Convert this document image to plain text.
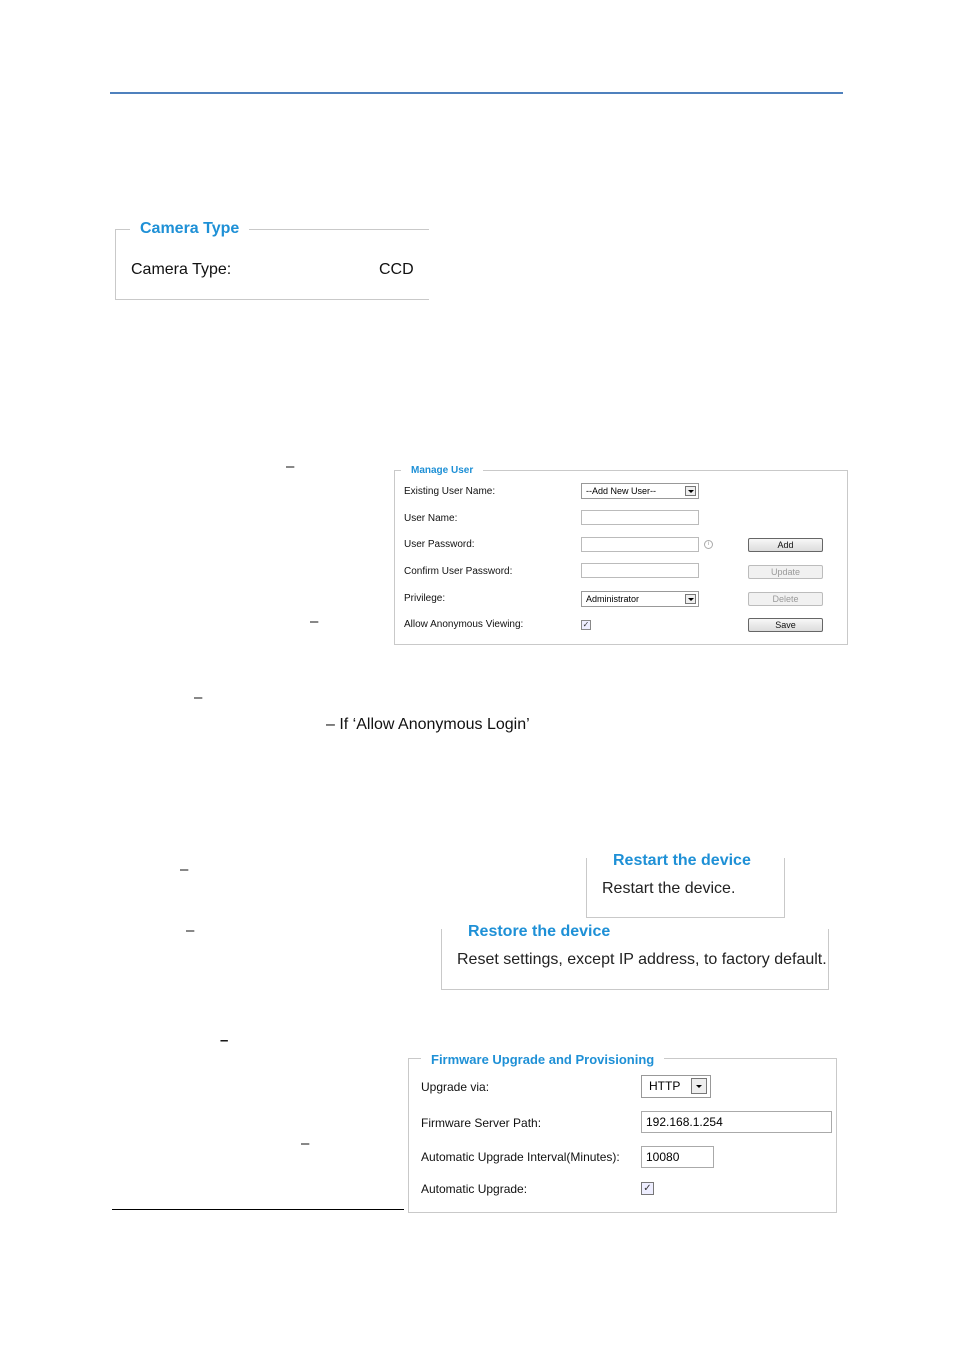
Camera Type
Camera Type:	CCD
–
–
–
– If ‘Allow Anonymous Login’
–
–
–
–
Manage User
Existing User Name:	--Add New User--
User Name:
User Password:	i	Add
Confirm User Password:	Update
Privilege:	Administrator	Delete
Allow Anonymous Viewing:	✓	Save
Restart the device
Restart the device.
Restore the device
Reset settings, except IP address, to factory default.
Firmware Upgrade and Provisioning
Upgrade via:	HTTP
Firmware Server Path:	192.168.1.254
Automatic Upgrade Interval(Minutes):	10080
Automatic Upgrade:	✓
